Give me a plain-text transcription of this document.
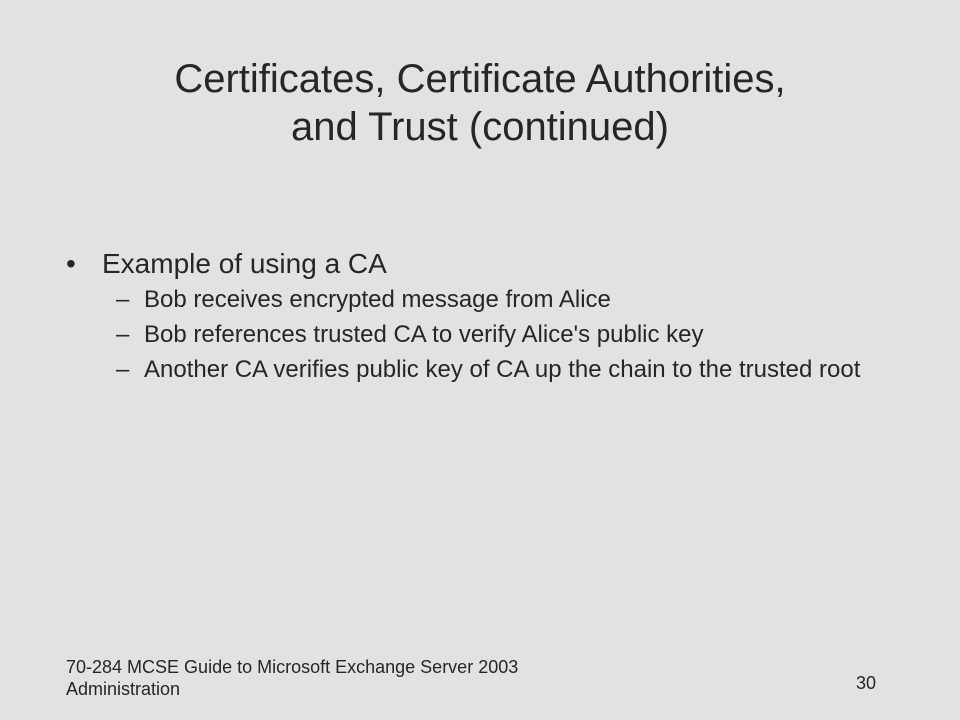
Certificates, Certificate Authorities,
and Trust (continued)
• Example of using a CA
– Bob receives encrypted message from Alice
– Bob references trusted CA to verify Alice's public key
– Another CA verifies public key of CA up the chain to the trusted root
70-284 MCSE Guide to Microsoft Exchange Server 2003
Administration	30
